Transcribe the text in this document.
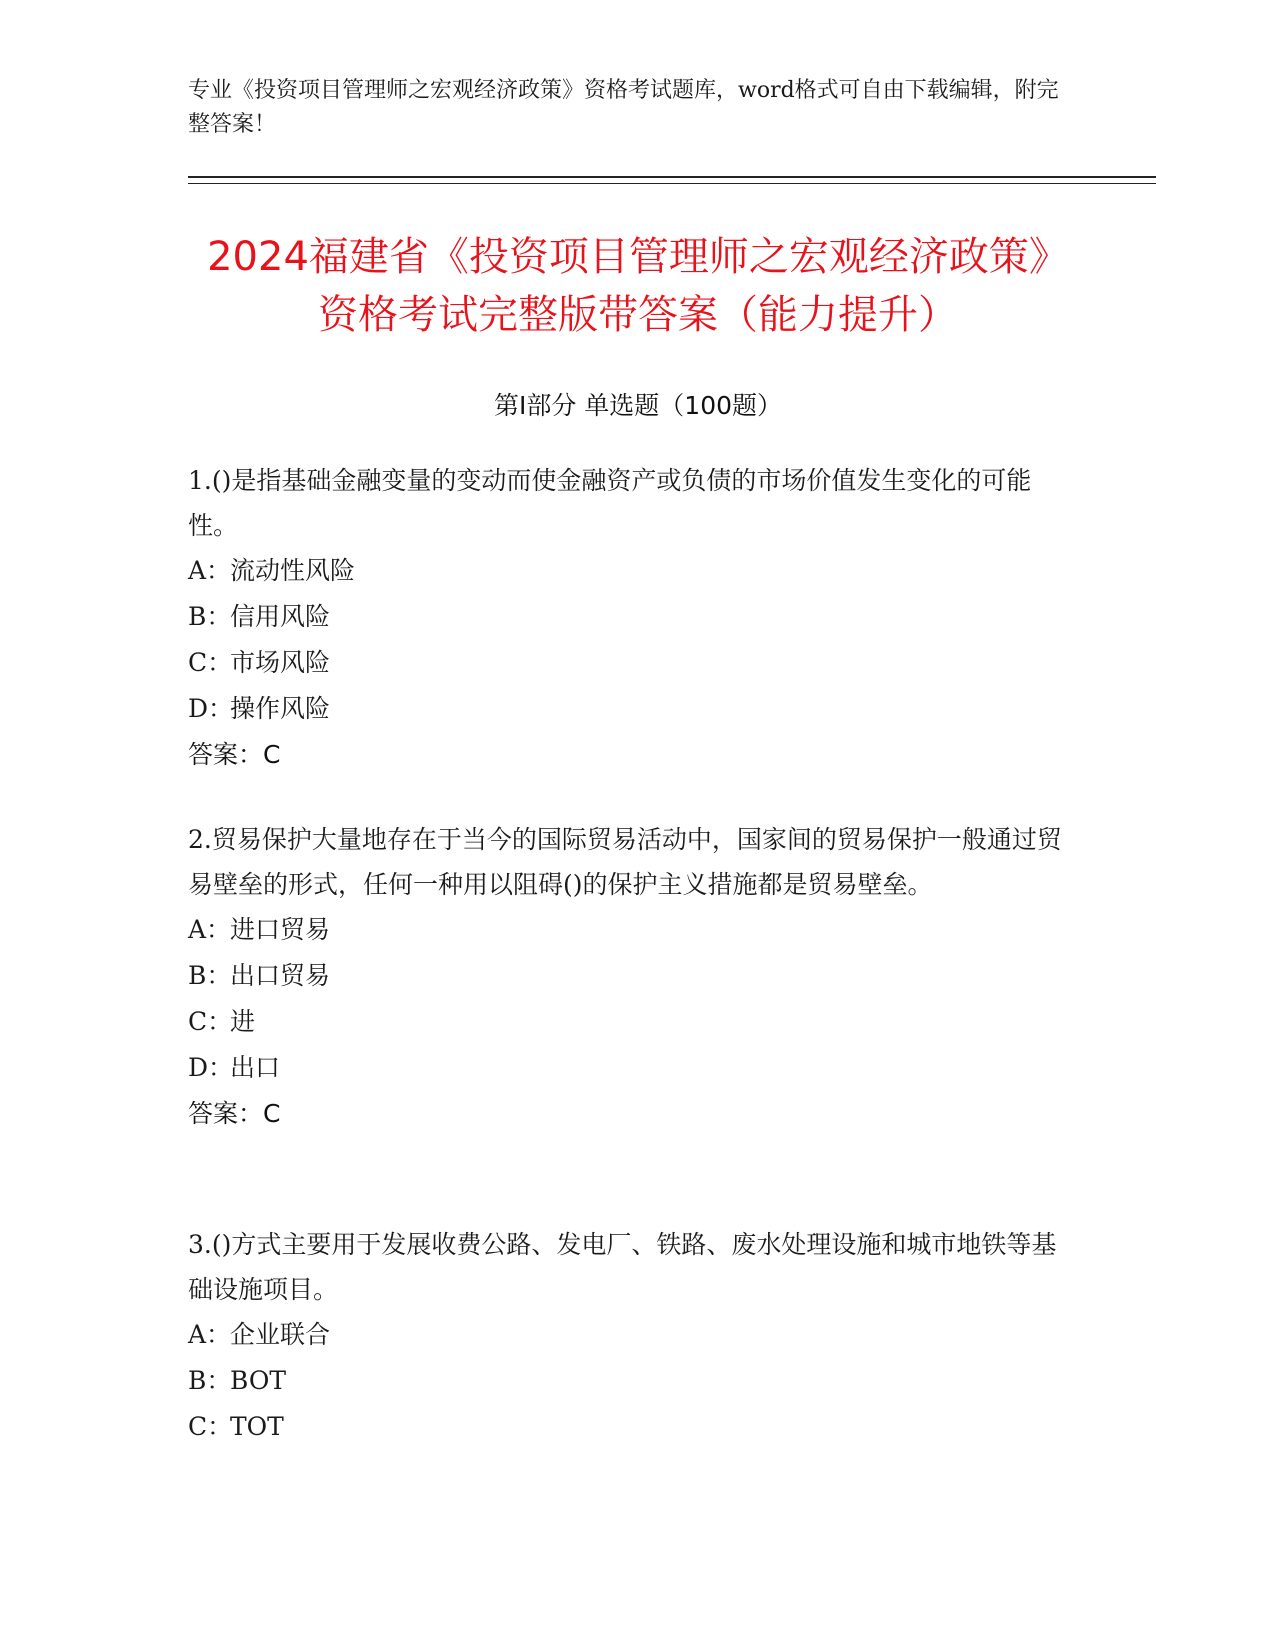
专业《投资项目管理师之宏观经济政策》资格考试题库，word格式可自由下载编辑，附完整答案！
2024福建省《投资项目管理师之宏观经济政策》资格考试完整版带答案（能力提升）
第I部分 单选题（100题）

1.()是指基础金融变量的变动而使金融资产或负债的市场价值发生变化的可能性。

A：流动性风险
B：信用风险
C：市场风险
D：操作风险
答案：C

2.贸易保护大量地存在于当今的国际贸易活动中，国家间的贸易保护一般通过贸易壁垒的形式，任何一种用以阻碍()的保护主义措施都是贸易壁垒。

A：进口贸易
B：出口贸易
C：进
D：出口
答案：C

3.()方式主要用于发展收费公路、发电厂、铁路、废水处理设施和城市地铁等基础设施项目。

A：企业联合
B：BOT
C：TOT
